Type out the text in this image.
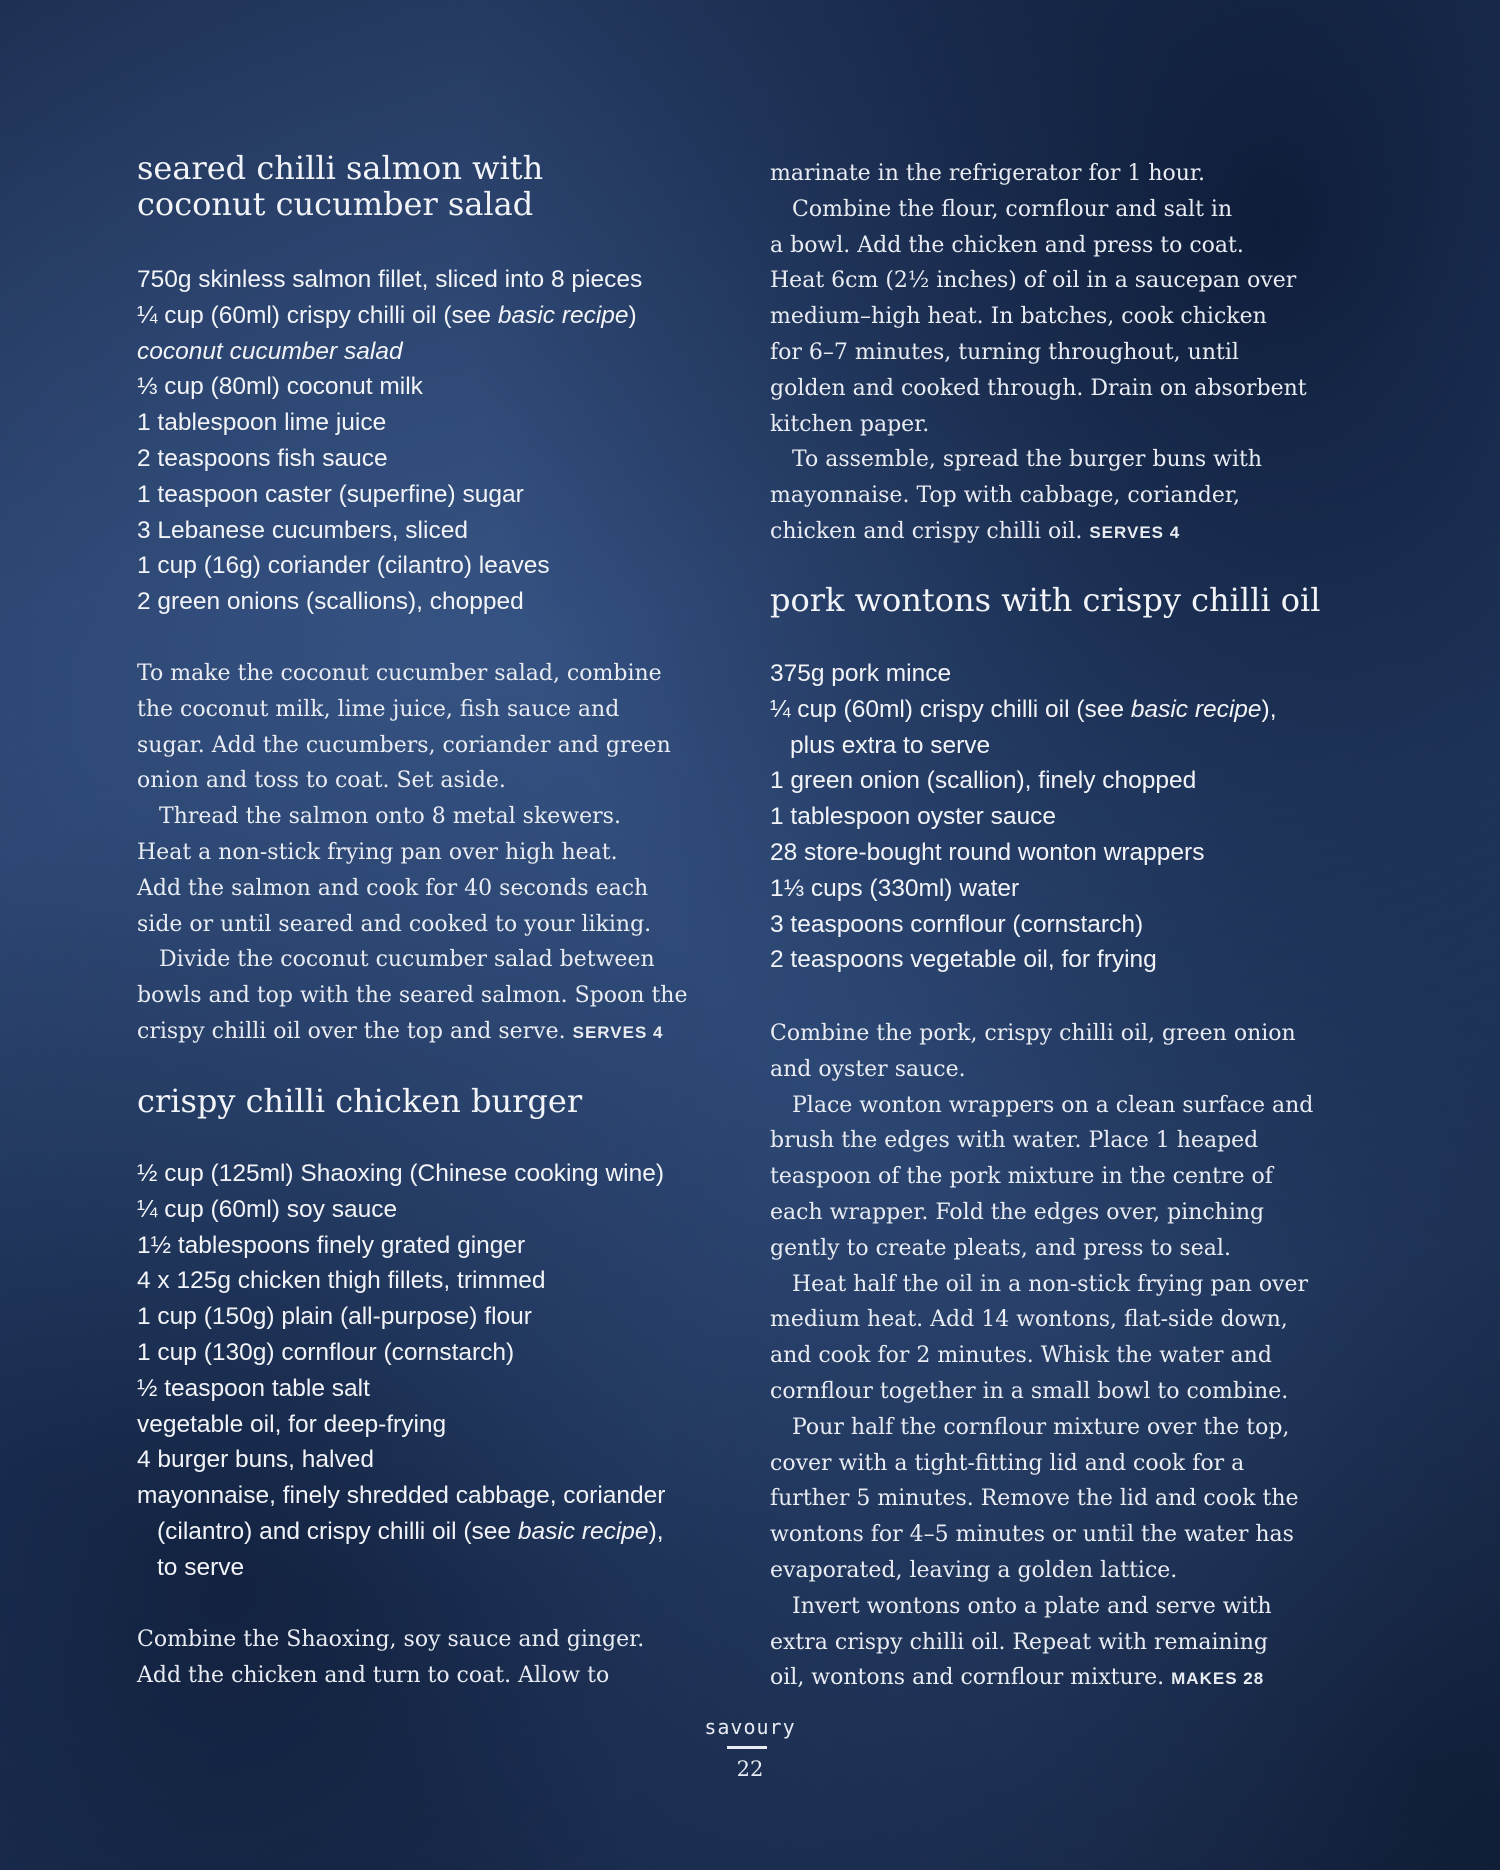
seared chilli salmon with
coconut cucumber salad
750g skinless salmon fillet, sliced into 8 pieces
¼ cup (60ml) crispy chilli oil (see basic recipe)
coconut cucumber salad
⅓ cup (80ml) coconut milk
1 tablespoon lime juice
2 teaspoons fish sauce
1 teaspoon caster (superfine) sugar
3 Lebanese cucumbers, sliced
1 cup (16g) coriander (cilantro) leaves
2 green onions (scallions), chopped

To make the coconut cucumber salad, combine

the coconut milk, lime juice, fish sauce and

sugar. Add the cucumbers, coriander and green

onion and toss to coat. Set aside.

Thread the salmon onto 8 metal skewers.

Heat a non-stick frying pan over high heat.

Add the salmon and cook for 40 seconds each

side or until seared and cooked to your liking.

Divide the coconut cucumber salad between

bowls and top with the seared salmon. Spoon the

crispy chilli oil over the top and serve. SERVES 4

crispy chilli chicken burger
½ cup (125ml) Shaoxing (Chinese cooking wine)
¼ cup (60ml) soy sauce
1½ tablespoons finely grated ginger
4 x 125g chicken thigh fillets, trimmed
1 cup (150g) plain (all-purpose) flour
1 cup (130g) cornflour (cornstarch)
½ teaspoon table salt
vegetable oil, for deep-frying
4 burger buns, halved
mayonnaise, finely shredded cabbage, coriander
(cilantro) and crispy chilli oil (see basic recipe),
to serve

Combine the Shaoxing, soy sauce and ginger.

Add the chicken and turn to coat. Allow to

marinate in the refrigerator for 1 hour.

Combine the flour, cornflour and salt in

a bowl. Add the chicken and press to coat.

Heat 6cm (2½ inches) of oil in a saucepan over

medium–high heat. In batches, cook chicken

for 6–7 minutes, turning throughout, until

golden and cooked through. Drain on absorbent

kitchen paper.

To assemble, spread the burger buns with

mayonnaise. Top with cabbage, coriander,

chicken and crispy chilli oil. SERVES 4

pork wontons with crispy chilli oil
375g pork mince
¼ cup (60ml) crispy chilli oil (see basic recipe),
plus extra to serve
1 green onion (scallion), finely chopped
1 tablespoon oyster sauce
28 store-bought round wonton wrappers
1⅓ cups (330ml) water
3 teaspoons cornflour (cornstarch)
2 teaspoons vegetable oil, for frying

Combine the pork, crispy chilli oil, green onion

and oyster sauce.

Place wonton wrappers on a clean surface and

brush the edges with water. Place 1 heaped

teaspoon of the pork mixture in the centre of

each wrapper. Fold the edges over, pinching

gently to create pleats, and press to seal.

Heat half the oil in a non-stick frying pan over

medium heat. Add 14 wontons, flat-side down,

and cook for 2 minutes. Whisk the water and

cornflour together in a small bowl to combine.

Pour half the cornflour mixture over the top,

cover with a tight-fitting lid and cook for a

further 5 minutes. Remove the lid and cook the

wontons for 4–5 minutes or until the water has

evaporated, leaving a golden lattice.

Invert wontons onto a plate and serve with

extra crispy chilli oil. Repeat with remaining

oil, wontons and cornflour mixture. MAKES 28

savoury
22
